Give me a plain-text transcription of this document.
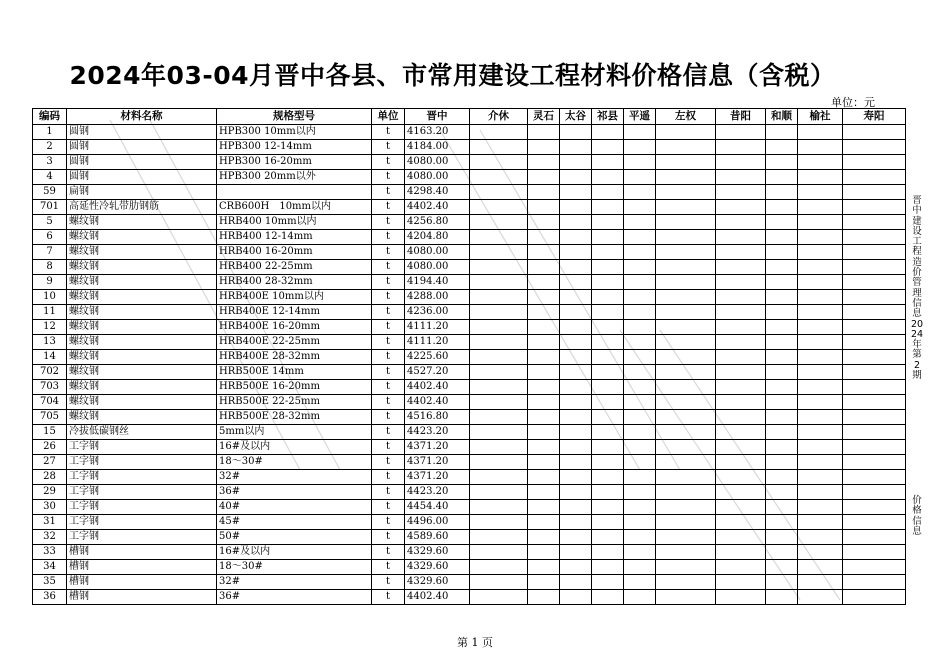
2024年03-04月晋中各县、市常用建设工程材料价格信息（含税）
单位：元
编码	材料名称	规格型号	单位	晋中	介休	灵石	太谷	祁县	平遥	左权	昔阳	和顺	榆社	寿阳
1	圆钢	HPB300 10mm以内	t	4163.20										
2	圆钢	HPB300 12-14mm	t	4184.00										
3	圆钢	HPB300 16-20mm	t	4080.00										
4	圆钢	HPB300 20mm以外	t	4080.00										
59	扁钢		t	4298.40										
701	高延性冷轧带肋钢筋	CRB600H　10mm以内	t	4402.40										
5	螺纹钢	HRB400 10mm以内	t	4256.80										
6	螺纹钢	HRB400 12-14mm	t	4204.80										
7	螺纹钢	HRB400 16-20mm	t	4080.00										
8	螺纹钢	HRB400 22-25mm	t	4080.00										
9	螺纹钢	HRB400 28-32mm	t	4194.40										
10	螺纹钢	HRB400E 10mm以内	t	4288.00										
11	螺纹钢	HRB400E 12-14mm	t	4236.00										
12	螺纹钢	HRB400E 16-20mm	t	4111.20										
13	螺纹钢	HRB400E 22-25mm	t	4111.20										
14	螺纹钢	HRB400E 28-32mm	t	4225.60										
702	螺纹钢	HRB500E 14mm	t	4527.20										
703	螺纹钢	HRB500E 16-20mm	t	4402.40										
704	螺纹钢	HRB500E 22-25mm	t	4402.40										
705	螺纹钢	HRB500E 28-32mm	t	4516.80										
15	冷拔低碳钢丝	5mm以内	t	4423.20										
26	工字钢	16#及以内	t	4371.20										
27	工字钢	18～30#	t	4371.20										
28	工字钢	32#	t	4371.20										
29	工字钢	36#	t	4423.20										
30	工字钢	40#	t	4454.40										
31	工字钢	45#	t	4496.00										
32	工字钢	50#	t	4589.60										
33	槽钢	16#及以内	t	4329.60										
34	槽钢	18～30#	t	4329.60										
35	槽钢	32#	t	4329.60										
36	槽钢	36#	t	4402.40										
晋中建设工程造价管理信息2024年第2期
价格信息
第 1 页
